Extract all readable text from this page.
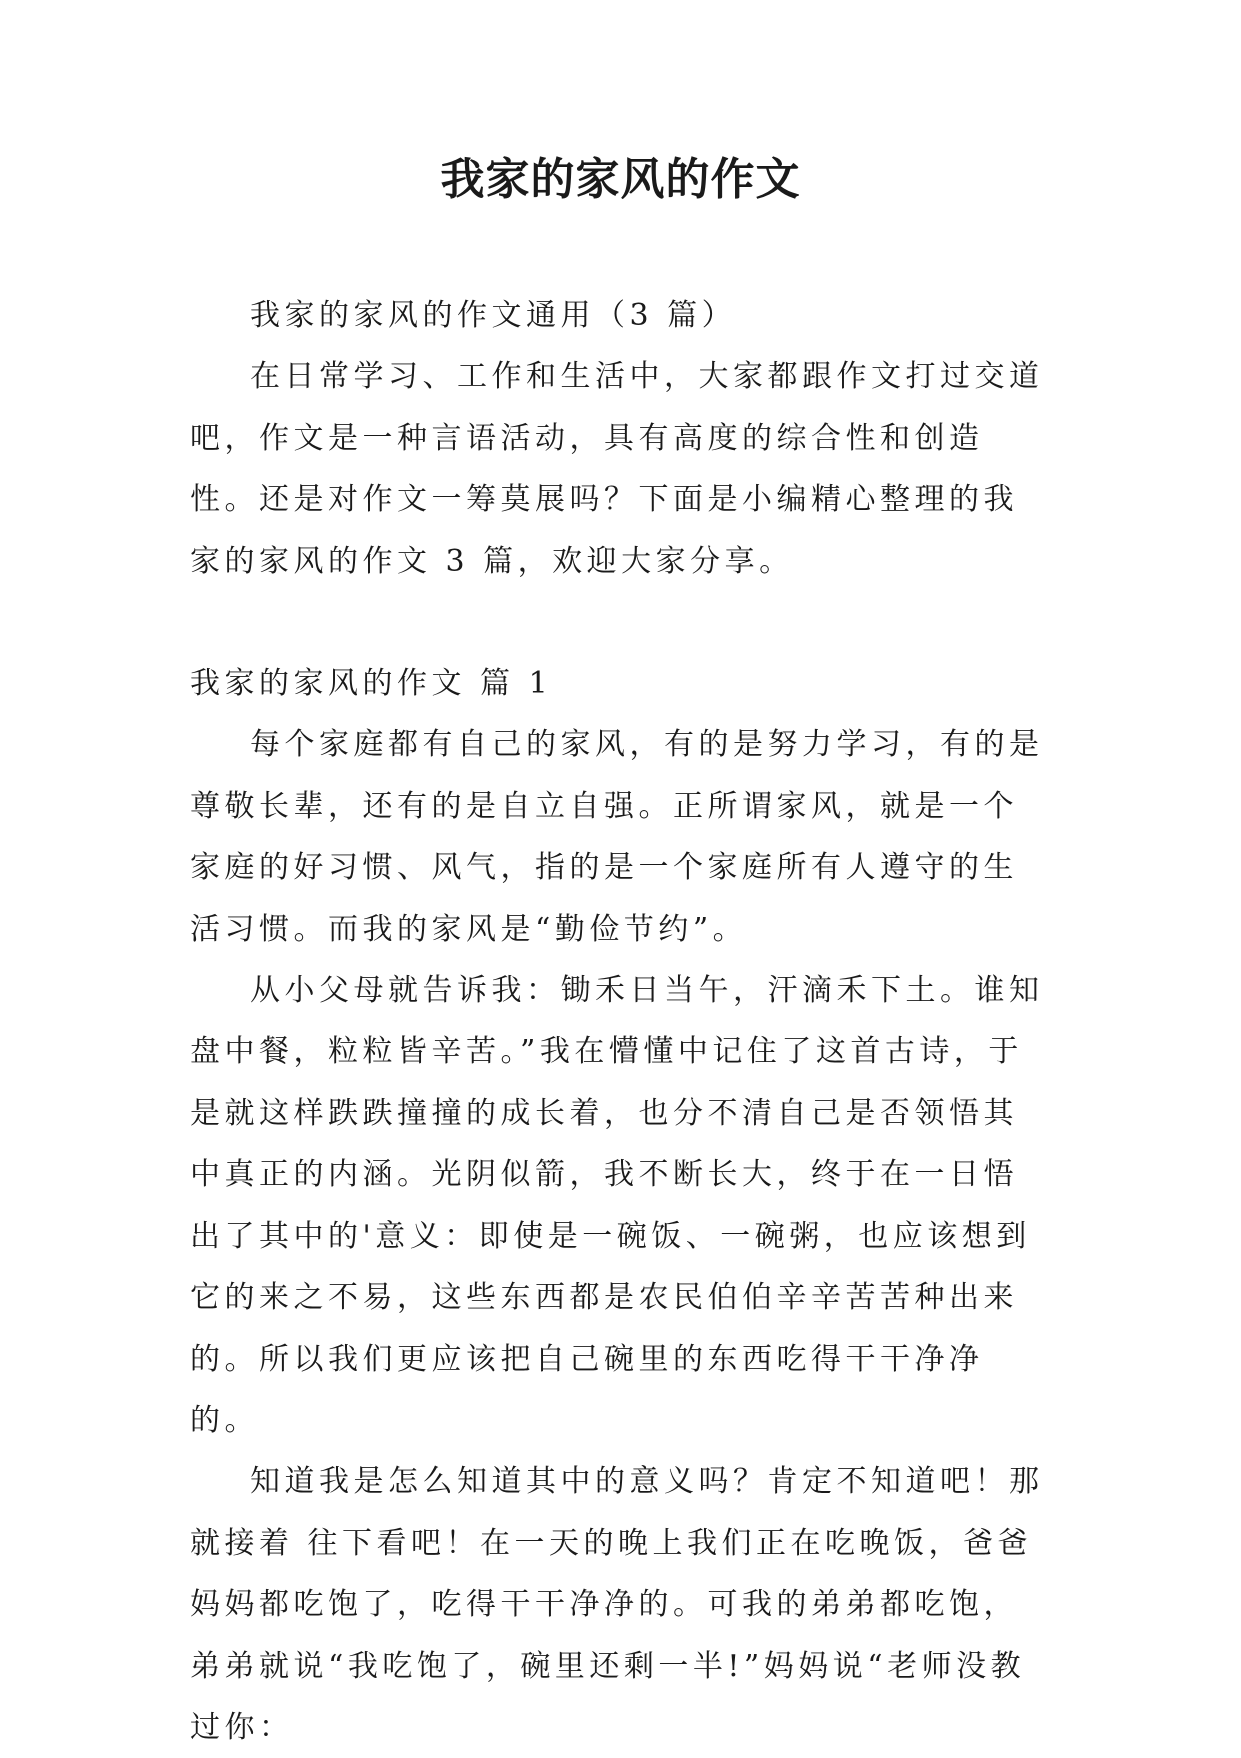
我家的家风的作文

我家的家风的作文通用（3 篇）

在日常学习、工作和生活中，大家都跟作文打过交道吧，作文是一种言语活动，具有高度的综合性和创造性。还是对作文一筹莫展吗？下面是小编精心整理的我家的家风的作文 3 篇，欢迎大家分享。

我家的家风的作文 篇 1

每个家庭都有自己的家风，有的是努力学习，有的是尊敬长辈，还有的是自立自强。正所谓家风，就是一个家庭的好习惯、风气，指的是一个家庭所有人遵守的生活习惯。而我的家风是“勤俭节约”。

从小父母就告诉我：锄禾日当午，汗滴禾下土。谁知盘中餐，粒粒皆辛苦。”我在懵懂中记住了这首古诗，于是就这样跌跌撞撞的成长着，也分不清自己是否领悟其中真正的内涵。光阴似箭，我不断长大，终于在一日悟出了其中的'意义：即使是一碗饭、一碗粥，也应该想到它的来之不易，这些东西都是农民伯伯辛辛苦苦种出来的。所以我们更应该把自己碗里的东西吃得干干净净的。

知道我是怎么知道其中的意义吗？肯定不知道吧！那就接着 往下看吧！在一天的晚上我们正在吃晚饭，爸爸妈妈都吃饱了，吃得干干净净的。可我的弟弟都吃饱，弟弟就说“我吃饱了，碗里还剩一半!”妈妈说“老师没教过你：
